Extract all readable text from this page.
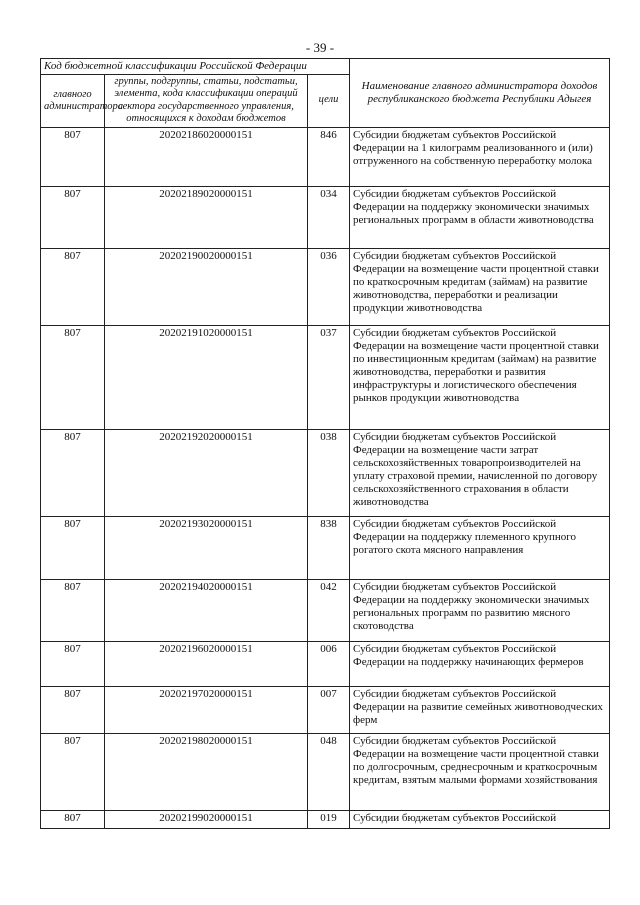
- 39 -
Код бюджетной классификации Российской Федерации			Наименование главного администратора доходов республиканского бюджета Республики Адыгея
главного администратора	группы, подгруппы, статьи, подстатьи, элемента, кода классификации операций сектора государственного управления, относящихся к доходам бюджетов	цели	
807	20202186020000151	846	Субсидии бюджетам субъектов Российской Федерации на 1 килограмм реализованного и (или) отгруженного на собственную переработку молока
807	20202189020000151	034	Субсидии бюджетам субъектов Российской Федерации на поддержку экономически значимых региональных программ в области животноводства
807	20202190020000151	036	Субсидии бюджетам субъектов Российской Федерации на возмещение части процентной ставки по краткосрочным кредитам (займам) на развитие животноводства, переработки и реализации продукции животноводства
807	20202191020000151	037	Субсидии бюджетам субъектов Российской Федерации на возмещение части процентной ставки по инвестиционным кредитам (займам) на развитие животноводства, переработки и развития инфраструктуры и логистического обеспечения рынков продукции животноводства
807	20202192020000151	038	Субсидии бюджетам субъектов Российской Федерации на возмещение части затрат сельскохозяйственных товаропроизводителей на уплату страховой премии, начисленной по договору сельскохозяйственного страхования в области животноводства
807	20202193020000151	838	Субсидии бюджетам субъектов Российской Федерации на поддержку племенного крупного рогатого скота мясного направления
807	20202194020000151	042	Субсидии бюджетам субъектов Российской Федерации на поддержку экономически значимых региональных программ по развитию мясного скотоводства
807	20202196020000151	006	Субсидии бюджетам субъектов Российской Федерации на поддержку начинающих фермеров
807	20202197020000151	007	Субсидии бюджетам субъектов Российской Федерации на развитие семейных животноводческих ферм
807	20202198020000151	048	Субсидии бюджетам субъектов Российской Федерации на возмещение части процентной ставки по долгосрочным, среднесрочным и краткосрочным кредитам, взятым малыми формами хозяйствования
807	20202199020000151	019	Субсидии бюджетам субъектов Российской
